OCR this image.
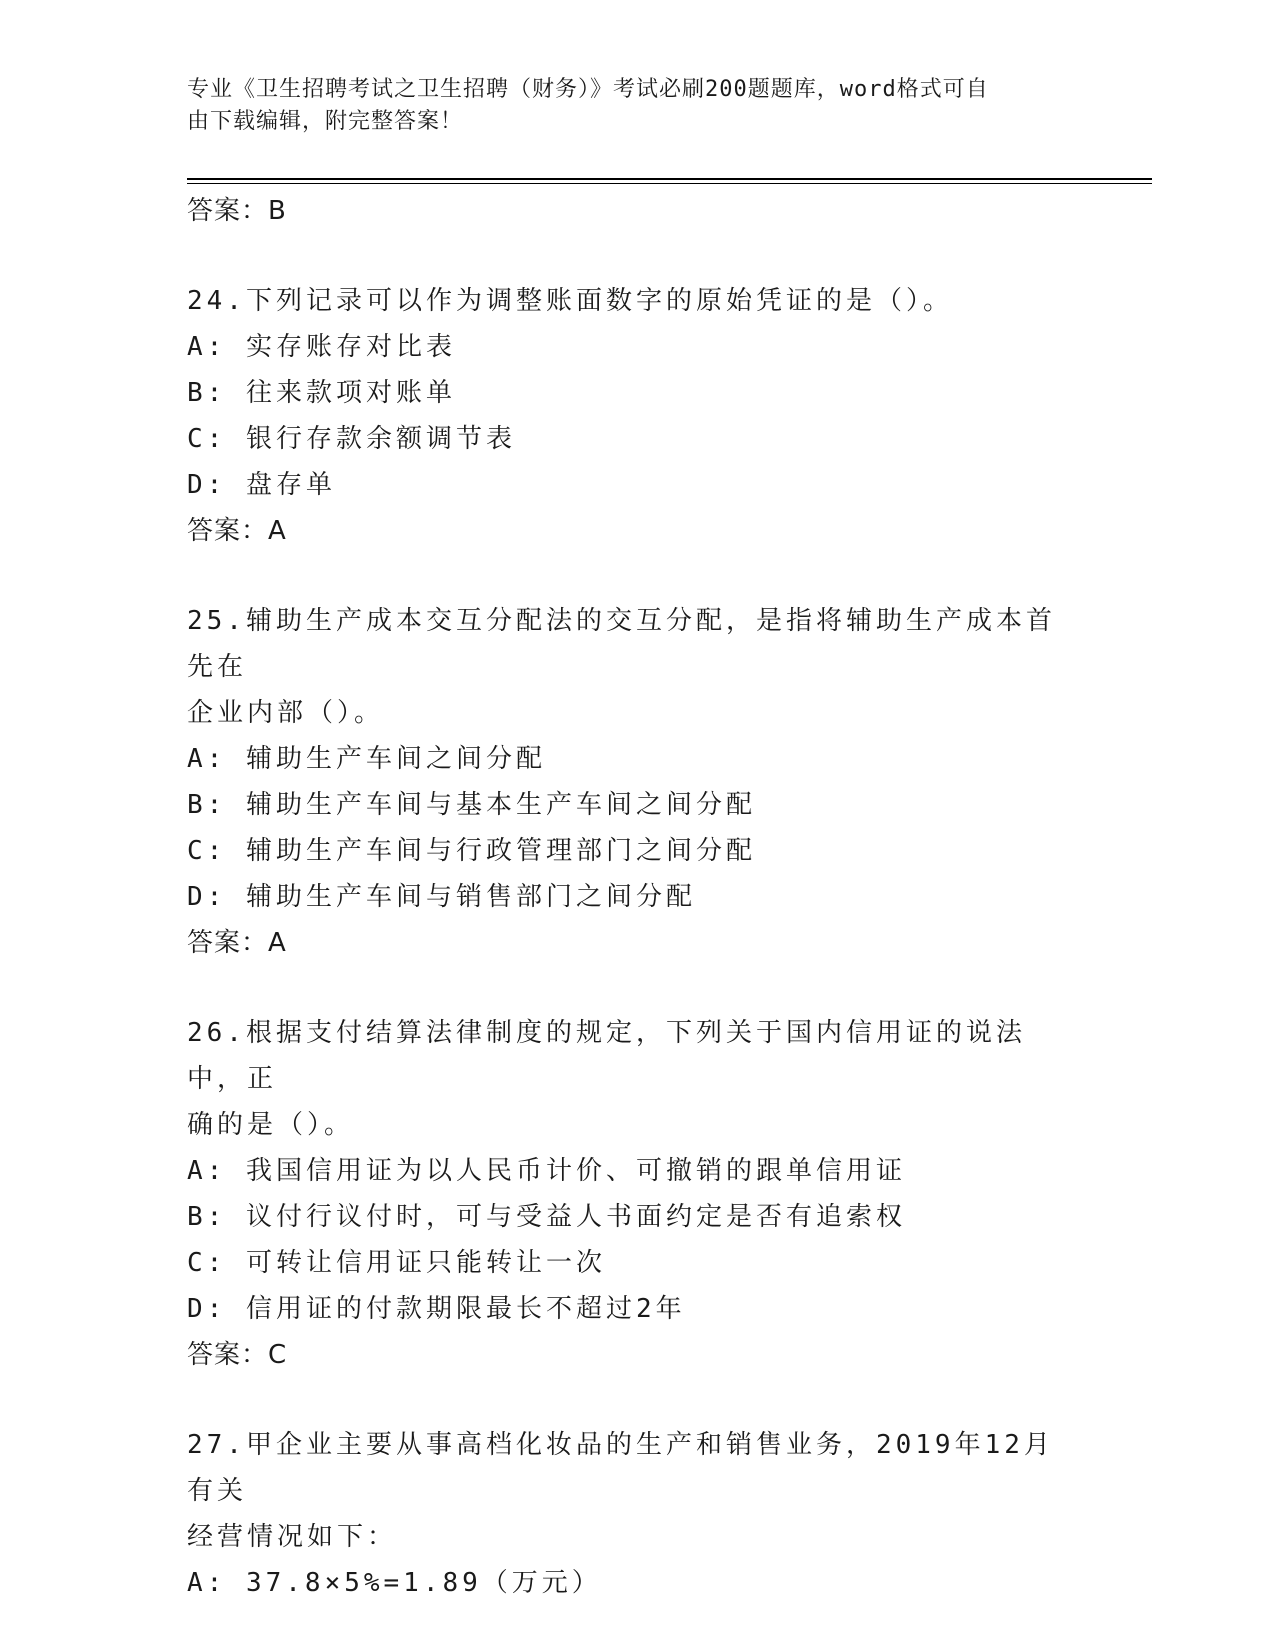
专业《卫生招聘考试之卫生招聘（财务）》考试必刷200题题库，word格式可自
由下载编辑，附完整答案！
答案：B
24.下列记录可以作为调整账面数字的原始凭证的是（）。
A: 实存账存对比表
B: 往来款项对账单
C: 银行存款余额调节表
D: 盘存单
答案：A
25.辅助生产成本交互分配法的交互分配，是指将辅助生产成本首先在
企业内部（）。
A: 辅助生产车间之间分配
B: 辅助生产车间与基本生产车间之间分配
C: 辅助生产车间与行政管理部门之间分配
D: 辅助生产车间与销售部门之间分配
答案：A
26.根据支付结算法律制度的规定，下列关于国内信用证的说法中，正
确的是（）。
A: 我国信用证为以人民币计价、可撤销的跟单信用证
B: 议付行议付时，可与受益人书面约定是否有追索权
C: 可转让信用证只能转让一次
D: 信用证的付款期限最长不超过2年
答案：C
27.甲企业主要从事高档化妆品的生产和销售业务，2019年12月有关
经营情况如下：
A: 37.8×5%=1.89（万元）
